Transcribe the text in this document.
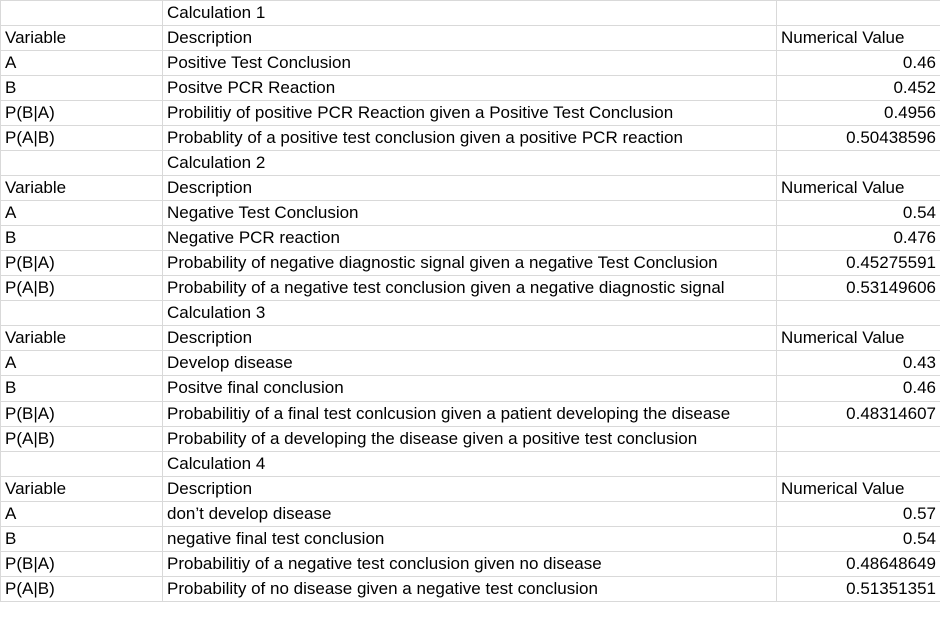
	Calculation 1	
Variable	Description	Numerical Value
A	Positive Test Conclusion	0.46
B	Positve PCR Reaction	0.452
P(B|A)	Probilitiy of positive PCR Reaction given a Positive Test Conclusion	0.4956
P(A|B)	Probablity of a positive test conclusion given a positive PCR reaction	0.50438596
	Calculation 2	
Variable	Description	Numerical Value
A	Negative Test Conclusion	0.54
B	Negative PCR reaction	0.476
P(B|A)	Probability of negative diagnostic signal given a negative Test Conclusion	0.45275591
P(A|B)	Probability of a negative test conclusion given a negative diagnostic signal	0.53149606
	Calculation 3	
Variable	Description	Numerical Value
A	Develop disease	0.43
B	Positve final conclusion	0.46
P(B|A)	Probabilitiy of a final test conlcusion given a patient developing the disease	0.48314607
P(A|B)	Probability of a developing the disease given a positive test conclusion	
	Calculation 4	
Variable	Description	Numerical Value
A	don’t develop disease	0.57
B	negative final test conclusion	0.54
P(B|A)	Probabilitiy of a negative test conclusion given no disease	0.48648649
P(A|B)	Probability of no disease given a negative test conclusion	0.51351351
